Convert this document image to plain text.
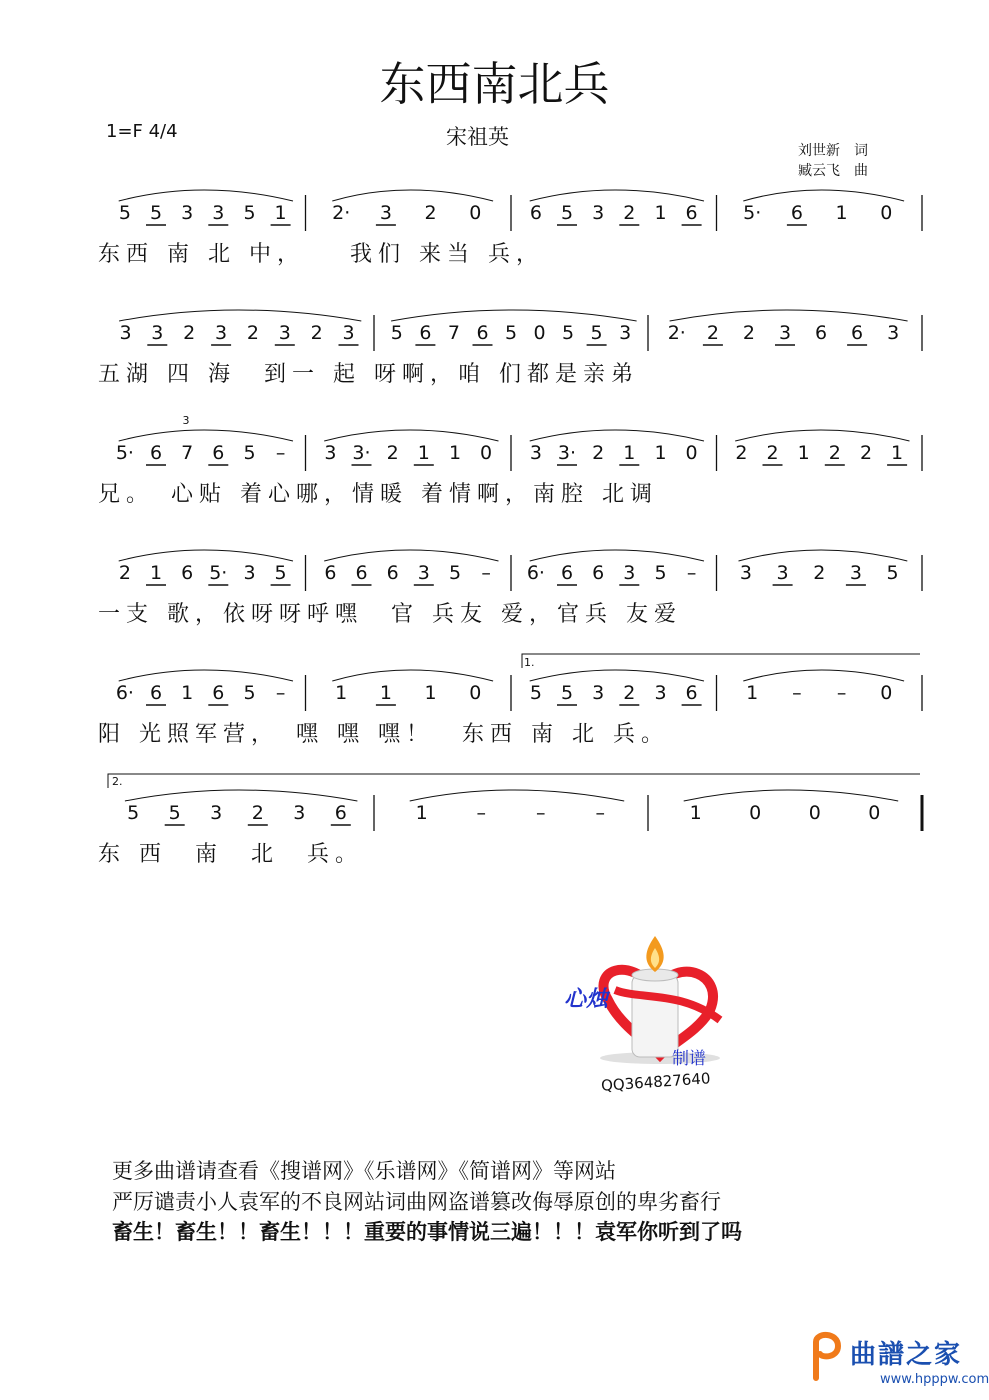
东西南北兵
1=F 4/4	宋祖英
刘世新　词
臧云飞　曲
1.
2.
3
5 5 3 3 5 1 2· 3 2 0	6 5 3 2 1 6 5· 6 1 0
3 3 2 3 2 3 2 3 5 6 7 6 5 0 5 5 3 2· 2 2 3 6 6 3
5· 6 7 6 5 – 3 3· 2 1 1 0 3 3· 2 1 1 0 2 2 1 2 2 1
2 1 6 5· 3 5 6 6 6 3 5 – 6· 6 6 3 5 – 3 3 2 3 5
6· 6 1 6 5 –	1 1 1 0	5 5 3 2 3 6	1 – – 0
5 5 3 2 3 6	1	–	–	–	1 0	0 0
东西 南 北 中，　　我们 来当 兵，
五湖 四 海　到一 起 呀啊，咱 们都是亲弟
兄。　心贴 着心哪，情暖 着情啊，南腔 北调
一支 歌，依呀呀呼嘿　官 兵友 爱，官兵 友爱
阳 光照军营，　嘿 嘿 嘿！　东西 南 北 兵。
东 西　南　北　兵。
心烛
制谱
QQ364827640
更多曲谱请查看《搜谱网》《乐谱网》《简谱网》等网站
严厉谴责小人袁军的不良网站词曲网盗谱篡改侮辱原创的卑劣畜行
畜生！畜生！！畜生！！！重要的事情说三遍！！！袁军你听到了吗
曲譜之家
www.hpppw.com
